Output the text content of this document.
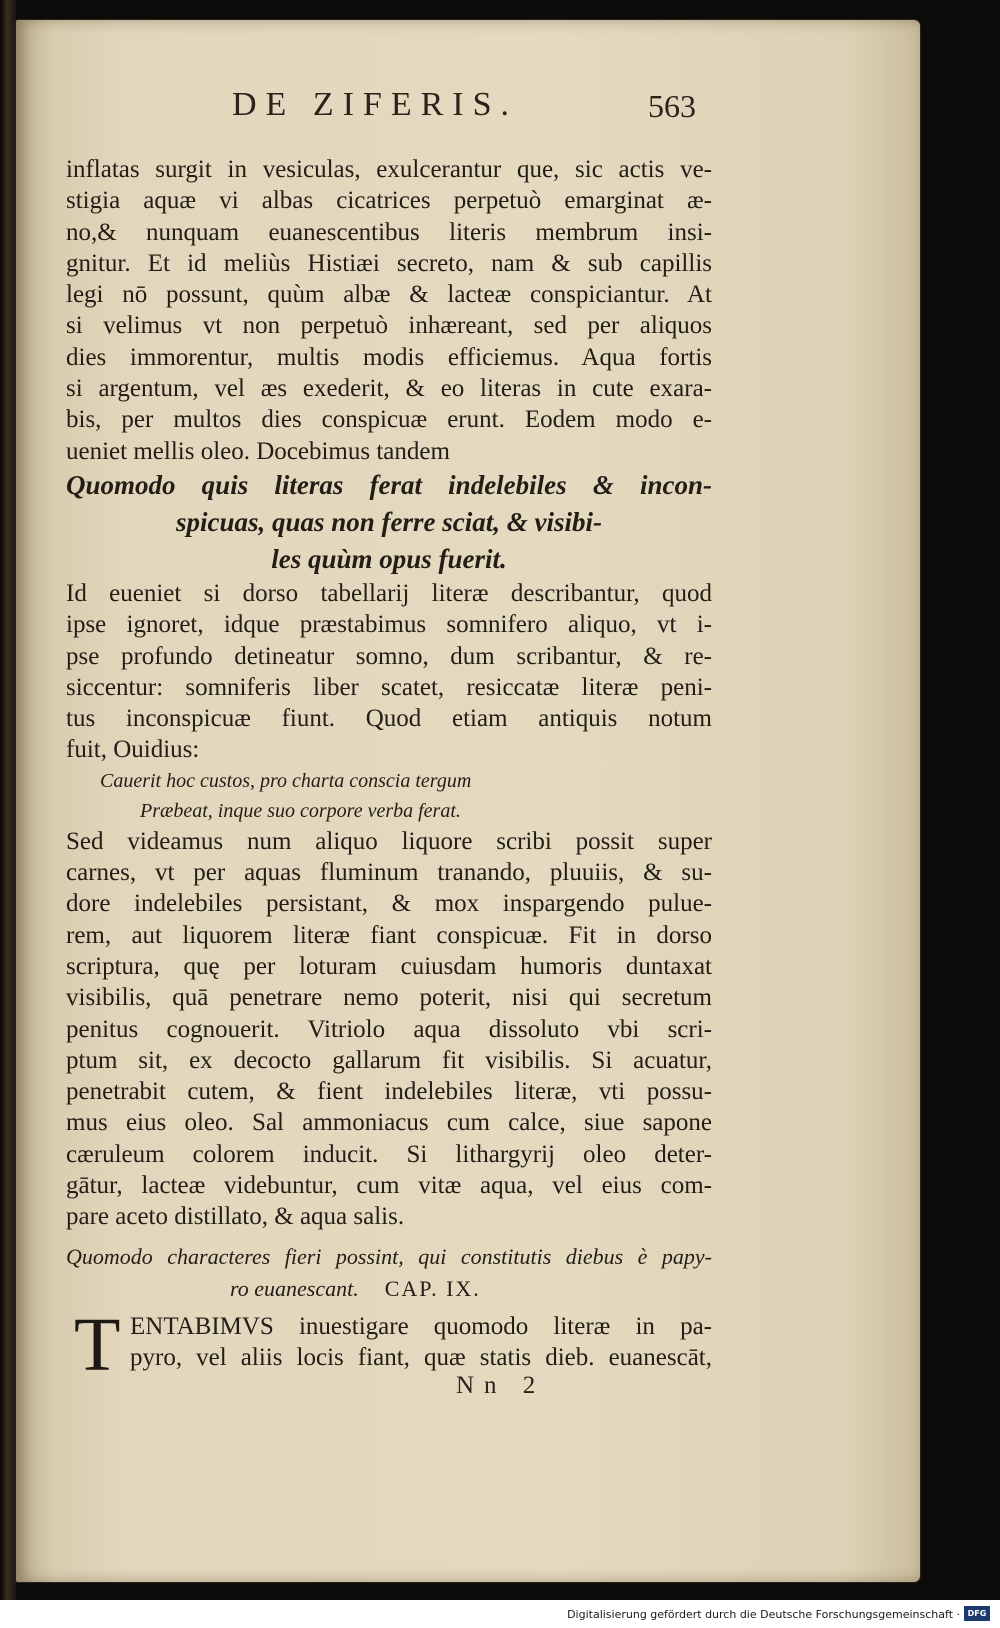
DE ZIFERIS.	563
inflatas surgit in vesiculas, exulcerantur que, sic actis ve-
stigia aquæ vi albas cicatrices perpetuò emarginat æ-
no,& nunquam euanescentibus literis membrum insi-
gnitur. Et id meliùs Histiæi secreto, nam & sub capillis
legi nō possunt, quùm albæ & lacteæ conspiciantur. At
si velimus vt non perpetuò inhæreant, sed per aliquos
dies immorentur, multis modis efficiemus. Aqua fortis
si argentum, vel æs exederit, & eo literas in cute exara-
bis, per multos dies conspicuæ erunt. Eodem modo e-
ueniet mellis oleo. Docebimus tandem
Quomodo quis literas ferat indelebiles & incon-
spicuas, quas non ferre sciat, & visibi-
les quùm opus fuerit.
Id eueniet si dorso tabellarij literæ describantur, quod
ipse ignoret, idque præstabimus somnifero aliquo, vt i-
pse profundo detineatur somno, dum scribantur, & re-
siccentur: somniferis liber scatet, resiccatæ literæ peni-
tus inconspicuæ fiunt. Quod etiam antiquis notum
fuit, Ouidius:
Cauerit hoc custos, pro charta conscia tergum
Præbeat, inque suo corpore verba ferat.
Sed videamus num aliquo liquore scribi possit super
carnes, vt per aquas fluminum tranando, pluuiis, & su-
dore indelebiles persistant, & mox inspargendo pulue-
rem, aut liquorem literæ fiant conspicuæ. Fit in dorso
scriptura, quę per loturam cuiusdam humoris duntaxat
visibilis, quā penetrare nemo poterit, nisi qui secretum
penitus cognouerit. Vitriolo aqua dissoluto vbi scri-
ptum sit, ex decocto gallarum fit visibilis. Si acuatur,
penetrabit cutem, & fient indelebiles literæ, vti possu-
mus eius oleo. Sal ammoniacus cum calce, siue sapone
cæruleum colorem inducit. Si lithargyrij oleo deter-
gātur, lacteæ videbuntur, cum vitæ aqua, vel eius com-
pare aceto distillato, & aqua salis.
Quomodo characteres fieri possint, qui constitutis diebus è papy-
ro euanescant. CAP. IX.
T ENTABIMVS inuestigare quomodo literæ in pa-
pyro, vel aliis locis fiant, quæ statis dieb. euanescāt,
Nn 2
Digitalisierung gefördert durch die Deutsche Forschungsgemeinschaft · DFG
